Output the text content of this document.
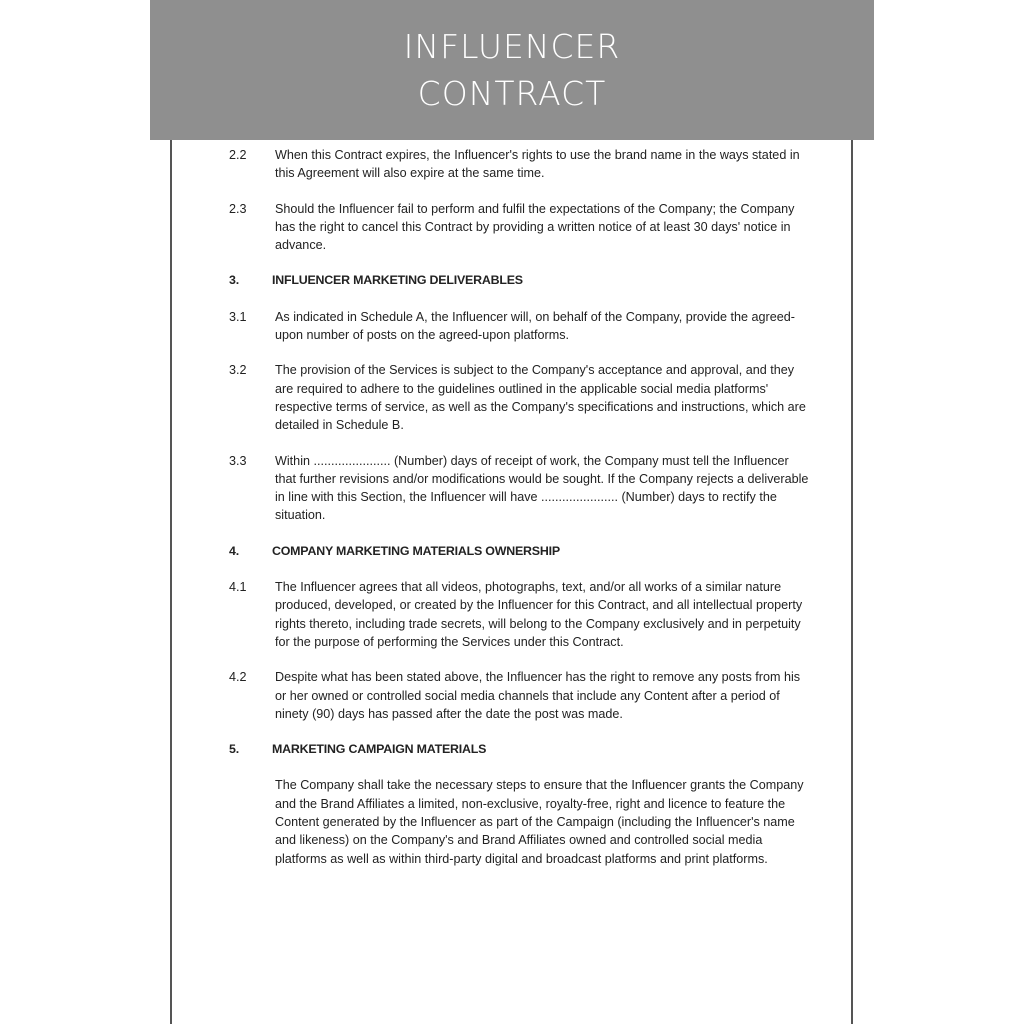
INFLUENCER
CONTRACT
2.2	When this Contract expires, the Influencer's rights to use the brand name in the ways stated in this Agreement will also expire at the same time.
2.3	Should the Influencer fail to perform and fulfil the expectations of the Company; the Company has the right to cancel this Contract by providing a written notice of at least 30 days' notice in advance.
3.	INFLUENCER MARKETING DELIVERABLES
3.1	As indicated in Schedule A, the Influencer will, on behalf of the Company, provide the agreed-upon number of posts on the agreed-upon platforms.
3.2	The provision of the Services is subject to the Company's acceptance and approval, and they are required to adhere to the guidelines outlined in the applicable social media platforms' respective terms of service, as well as the Company's specifications and instructions, which are detailed in Schedule B.
3.3	Within ...................... (Number) days of receipt of work, the Company must tell the Influencer that further revisions and/or modifications would be sought. If the Company rejects a deliverable in line with this Section, the Influencer will have ...................... (Number) days to rectify the situation.
4.	COMPANY MARKETING MATERIALS OWNERSHIP
4.1	The Influencer agrees that all videos, photographs, text, and/or all works of a similar nature produced, developed, or created by the Influencer for this Contract, and all intellectual property rights thereto, including trade secrets, will belong to the Company exclusively and in perpetuity for the purpose of performing the Services under this Contract.
4.2	Despite what has been stated above, the Influencer has the right to remove any posts from his or her owned or controlled social media channels that include any Content after a period of ninety (90) days has passed after the date the post was made.
5.	MARKETING CAMPAIGN MATERIALS
The Company shall take the necessary steps to ensure that the Influencer grants the Company and the Brand Affiliates a limited, non-exclusive, royalty-free, right and licence to feature the Content generated by the Influencer as part of the Campaign (including the Influencer's name and likeness) on the Company's and Brand Affiliates owned and controlled social media platforms as well as within third-party digital and broadcast platforms and print platforms.
